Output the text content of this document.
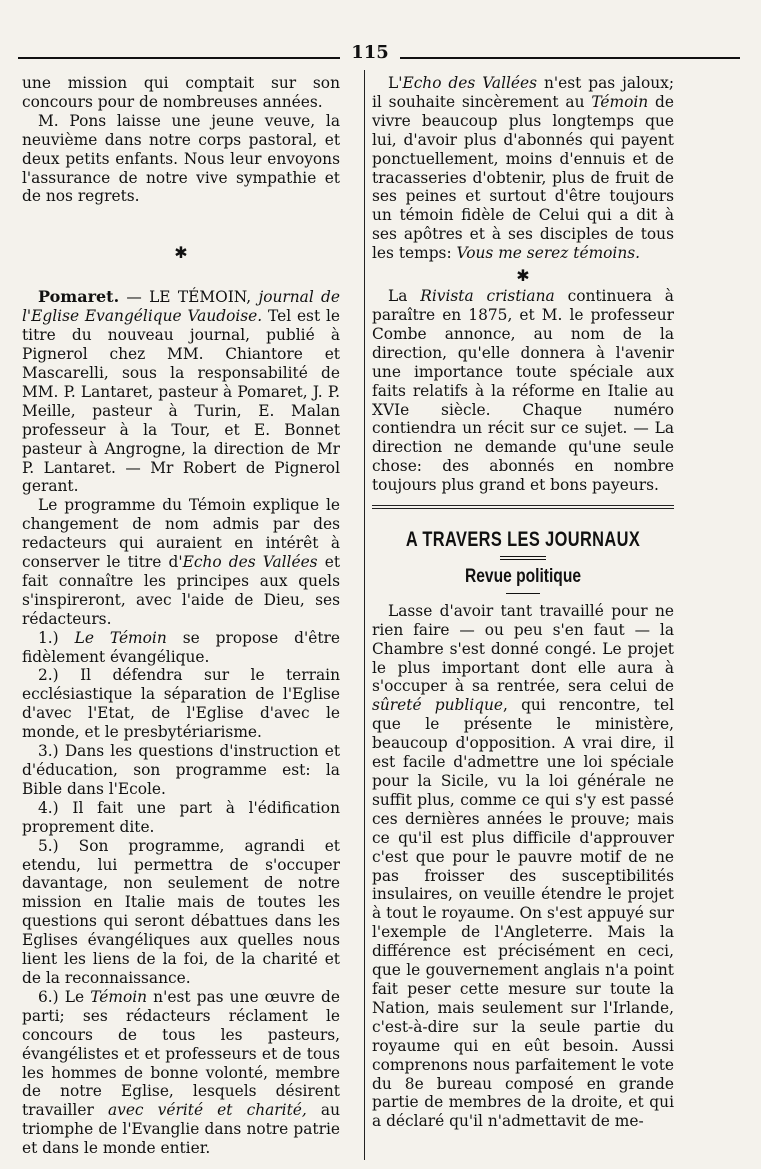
115

une mission qui comptait sur son concours pour de nombreuses années.

M. Pons laisse une jeune veuve, la neuvième dans notre corps pastoral, et deux petits enfants. Nous leur envoyons l'assurance de notre vive sympathie et de nos regrets.

✱

Pomaret. — LE TÉMOIN, journal de l'Eglise Evangélique Vaudoise. Tel est le titre du nouveau journal, publié à Pignerol chez MM. Chiantore et Mascarelli, sous la responsabilité de MM. P. Lantaret, pasteur à Pomaret, J. P. Meille, pasteur à Turin, E. Malan professeur à la Tour, et E. Bonnet pasteur à Angrogne, la direction de Mr P. Lantaret. — Mr Robert de Pignerol gerant.

Le programme du Témoin explique le changement de nom admis par des redacteurs qui auraient en intérêt à conserver le titre d'Echo des Vallées et fait connaître les principes aux quels s'inspireront, avec l'aide de Dieu, ses rédacteurs.

1.) Le Témoin se propose d'être fidèlement évangélique.

2.) Il défendra sur le terrain ecclésiastique la séparation de l'Eglise d'avec l'Etat, de l'Eglise d'avec le monde, et le presbytériarisme.

3.) Dans les questions d'instruction et d'éducation, son programme est: la Bible dans l'Ecole.

4.) Il fait une part à l'édification proprement dite.

5.) Son programme, agrandi et etendu, lui permettra de s'occuper davantage, non seulement de notre mission en Italie mais de toutes les questions qui seront débattues dans les Eglises évangéliques aux quelles nous lient les liens de la foi, de la charité et de la reconnaissance.

6.) Le Témoin n'est pas une œuvre de parti; ses rédacteurs réclament le concours de tous les pasteurs, évangélistes et et professeurs et de tous les hommes de bonne volonté, membre de notre Eglise, lesquels désirent travailler avec vérité et charité, au triomphe de l'Evanglie dans notre patrie et dans le monde entier.

L'Echo des Vallées n'est pas jaloux; il souhaite sincèrement au Témoin de vivre beaucoup plus longtemps que lui, d'avoir plus d'abonnés qui payent ponctuellement, moins d'ennuis et de tracasseries d'obtenir, plus de fruit de ses peines et surtout d'être toujours un témoin fidèle de Celui qui a dit à ses apôtres et à ses disciples de tous les temps: Vous me serez témoins.

✱

La Rivista cristiana continuera à paraître en 1875, et M. le professeur Combe annonce, au nom de la direction, qu'elle donnera à l'avenir une importance toute spéciale aux faits relatifs à la réforme en Italie au XVIe siècle. Chaque numéro contiendra un récit sur ce sujet. — La direction ne demande qu'une seule chose: des abonnés en nombre toujours plus grand et bons payeurs.

A TRAVERS LES JOURNAUX
Revue politique

Lasse d'avoir tant travaillé pour ne rien faire — ou peu s'en faut — la Chambre s'est donné congé. Le projet le plus important dont elle aura à s'occuper à sa rentrée, sera celui de sûreté publique, qui rencontre, tel que le présente le ministère, beaucoup d'opposition. A vrai dire, il est facile d'admettre une loi spéciale pour la Sicile, vu la loi générale ne suffit plus, comme ce qui s'y est passé ces dernières années le prouve; mais ce qu'il est plus difficile d'approuver c'est que pour le pauvre motif de ne pas froisser des susceptibilités insulaires, on veuille étendre le projet à tout le royaume. On s'est appuyé sur l'exemple de l'Angleterre. Mais la différence est précisément en ceci, que le gouvernement anglais n'a point fait peser cette mesure sur toute la Nation, mais seulement sur l'Irlande, c'est-à-dire sur la seule partie du royaume qui en eût besoin. Aussi comprenons nous parfaitement le vote du 8e bureau composé en grande partie de membres de la droite, et qui a déclaré qu'il n'admettavit de me-
